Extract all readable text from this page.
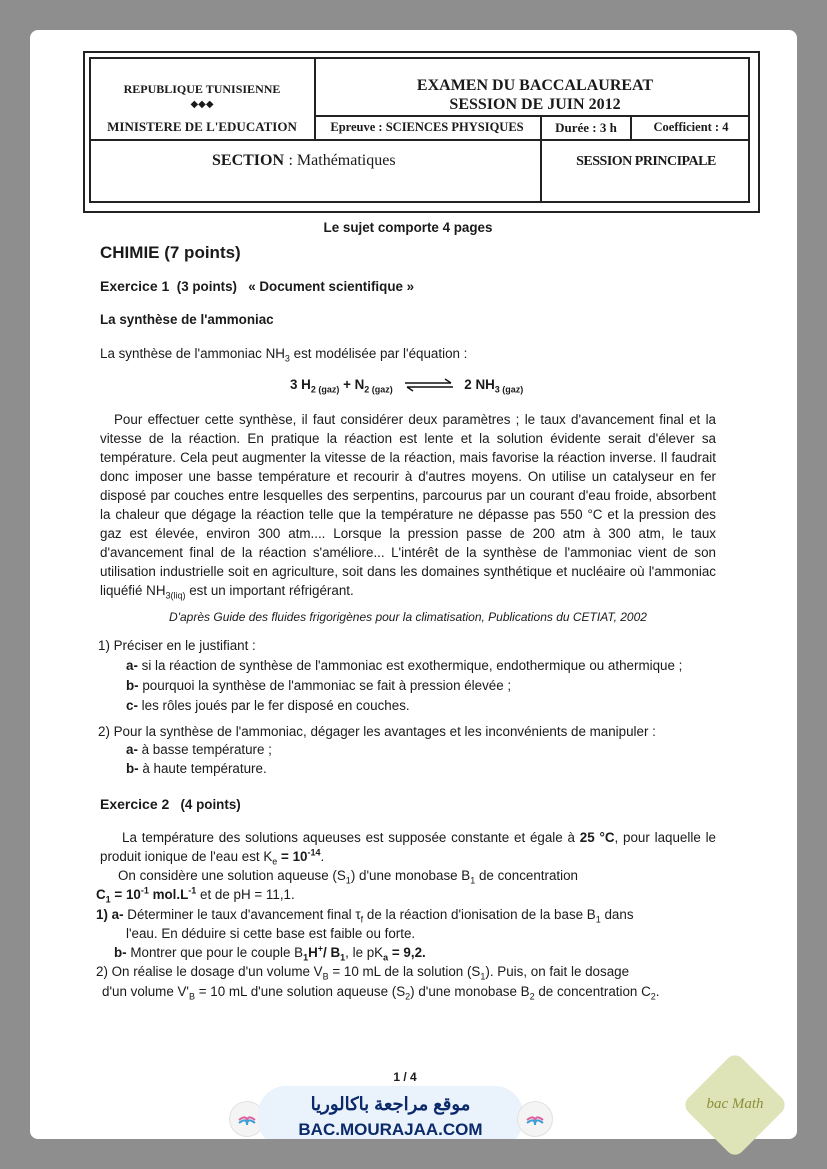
REPUBLIQUE TUNISIENNE
◆◆◆
MINISTERE DE L'EDUCATION
EXAMEN DU BACCALAUREAT
SESSION DE JUIN 2012
Epreuve : SCIENCES PHYSIQUES	Durée : 3 h	Coefficient : 4
SECTION : Mathématiques	SESSION PRINCIPALE
Le sujet comporte 4 pages
CHIMIE (7 points)
Exercice 1 (3 points) « Document scientifique »
La synthèse de l'ammoniac
La synthèse de l'ammoniac $NH_3$ est modélisée par l'équation :
3 $H_{2 (gaz)} + N_{2 (gaz)}$ ⇌ 2 $NH_{3 (gaz)}$
Pour effectuer cette synthèse, il faut considérer deux paramètres ; le taux d'avancement final et la vitesse de la réaction. En pratique la réaction est lente et la solution évidente serait d'élever sa température. Cela peut augmenter la vitesse de la réaction, mais favorise la réaction inverse. Il faudrait donc imposer une basse température et recourir à d'autres moyens. On utilise un catalyseur en fer disposé par couches entre lesquelles des serpentins, parcourus par un courant d'eau froide, absorbent la chaleur que dégage la réaction telle que la température ne dépasse pas 550 °C et la pression des gaz est élevée, environ 300 atm.... Lorsque la pression passe de 200 atm à 300 atm, le taux d'avancement final de la réaction s'améliore... L'intérêt de la synthèse de l'ammoniac vient de son utilisation industrielle soit en agriculture, soit dans les domaines synthétique et nucléaire où l'ammoniac liquéfié $NH_{3(liq)}$ est un important réfrigérant.
D'après Guide des fluides frigorigènes pour la climatisation, Publications du CETIAT, 2002
1) Préciser en le justifiant :
a- si la réaction de synthèse de l'ammoniac est exothermique, endothermique ou athermique ;
b- pourquoi la synthèse de l'ammoniac se fait à pression élevée ;
c- les rôles joués par le fer disposé en couches.
2) Pour la synthèse de l'ammoniac, dégager les avantages et les inconvénients de manipuler :
a- à basse température ;
b- à haute température.
Exercice 2 (4 points)
La température des solutions aqueuses est supposée constante et égale à 25 °C, pour laquelle le produit ionique de l'eau est $K_e = 10^{-14}$.
On considère une solution aqueuse $(S_1)$ d'une monobase $B_1$ de concentration
$C_1 = 10^{-1}$ $mol.L^{-1}$ et de pH = 11,1.
1) a- Déterminer le taux d'avancement final $\tau_f$ de la réaction d'ionisation de la base $B_1$ dans
l'eau. En déduire si cette base est faible ou forte.
b- Montrer que pour le couple $B_1H^+/$ $B_1$, le $pK_a = 9,2$.
2) On réalise le dosage d'un volume $V_B = 10$ mL de la solution $(S_1)$. Puis, on fait le dosage
d'un volume $V'_B = 10$ mL d'une solution aqueuse $(S_2)$ d'une monobase $B_2$ de concentration $C_2$.
1 / 4
موقع مراجعة باكالوريا
BAC.MOURAJAA.COM
bac Math
